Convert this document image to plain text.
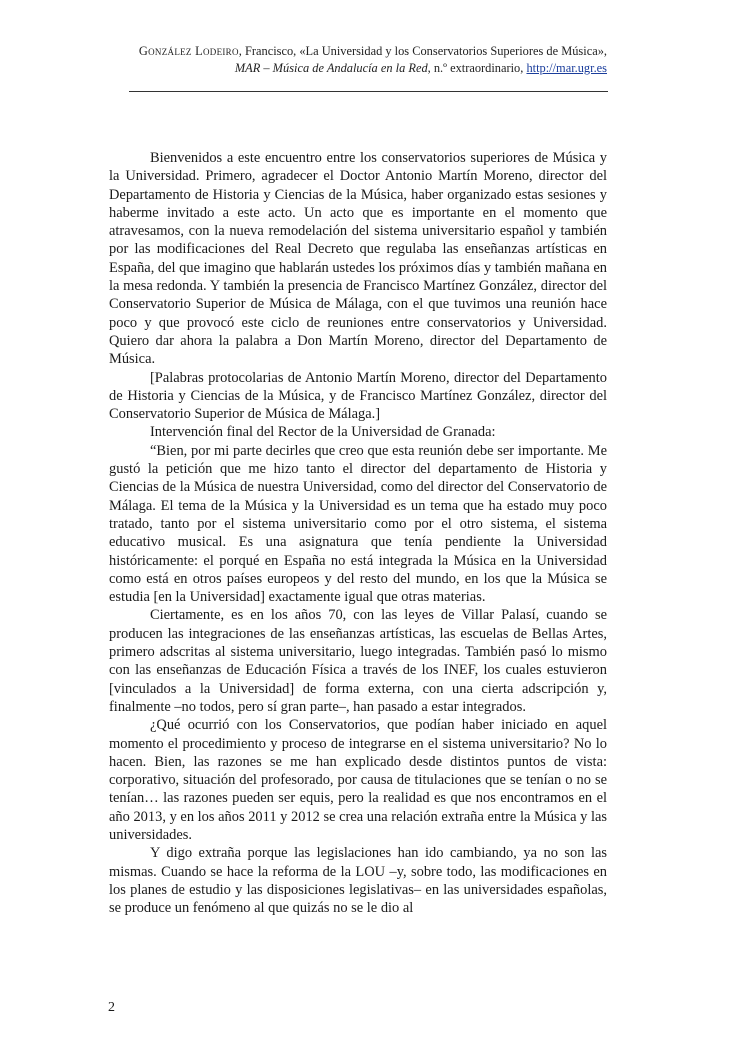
González Lodeiro, Francisco, «La Universidad y los Conservatorios Superiores de Música»,
MAR – Música de Andalucía en la Red, n.º extraordinario, http://mar.ugr.es

Bienvenidos a este encuentro entre los conservatorios superiores de Música y la Universidad. Primero, agradecer el Doctor Antonio Martín Moreno, director del Departamento de Historia y Ciencias de la Música, haber organizado estas sesiones y haberme invitado a este acto. Un acto que es importante en el momento que atravesamos, con la nueva remodelación del sistema universitario español y también por las modificaciones del Real Decreto que regulaba las enseñanzas artísticas en España, del que imagino que hablarán ustedes los próximos días y también mañana en la mesa redonda. Y también la presencia de Francisco Martínez González, director del Conservatorio Superior de Música de Málaga, con el que tuvimos una reunión hace poco y que provocó este ciclo de reuniones entre conservatorios y Universidad. Quiero dar ahora la palabra a Don Martín Moreno, director del Departamento de Música.

[Palabras protocolarias de Antonio Martín Moreno, director del Departamento de Historia y Ciencias de la Música, y de Francisco Martínez González, director del Conservatorio Superior de Música de Málaga.]

Intervención final del Rector de la Universidad de Granada:

“Bien, por mi parte decirles que creo que esta reunión debe ser importante. Me gustó la petición que me hizo tanto el director del departamento de Historia y Ciencias de la Música de nuestra Universidad, como del director del Conservatorio de Málaga. El tema de la Música y la Universidad es un tema que ha estado muy poco tratado, tanto por el sistema universitario como por el otro sistema, el sistema educativo musical. Es una asignatura que tenía pendiente la Universidad históricamente: el porqué en España no está integrada la Música en la Universidad como está en otros países europeos y del resto del mundo, en los que la Música se estudia [en la Universidad] exactamente igual que otras materias.

Ciertamente, es en los años 70, con las leyes de Villar Palasí, cuando se producen las integraciones de las enseñanzas artísticas, las escuelas de Bellas Artes, primero adscritas al sistema universitario, luego integradas. También pasó lo mismo con las enseñanzas de Educación Física a través de los INEF, los cuales estuvieron [vinculados a la Universidad] de forma externa, con una cierta adscripción y, finalmente –no todos, pero sí gran parte–, han pasado a estar integrados.

¿Qué ocurrió con los Conservatorios, que podían haber iniciado en aquel momento el procedimiento y proceso de integrarse en el sistema universitario? No lo hacen. Bien, las razones se me han explicado desde distintos puntos de vista: corporativo, situación del profesorado, por causa de titulaciones que se tenían o no se tenían… las razones pueden ser equis, pero la realidad es que nos encontramos en el año 2013, y en los años 2011 y 2012 se crea una relación extraña entre la Música y las universidades.

Y digo extraña porque las legislaciones han ido cambiando, ya no son las mismas. Cuando se hace la reforma de la LOU –y, sobre todo, las modificaciones en los planes de estudio y las disposiciones legislativas– en las universidades españolas, se produce un fenómeno al que quizás no se le dio al

2
